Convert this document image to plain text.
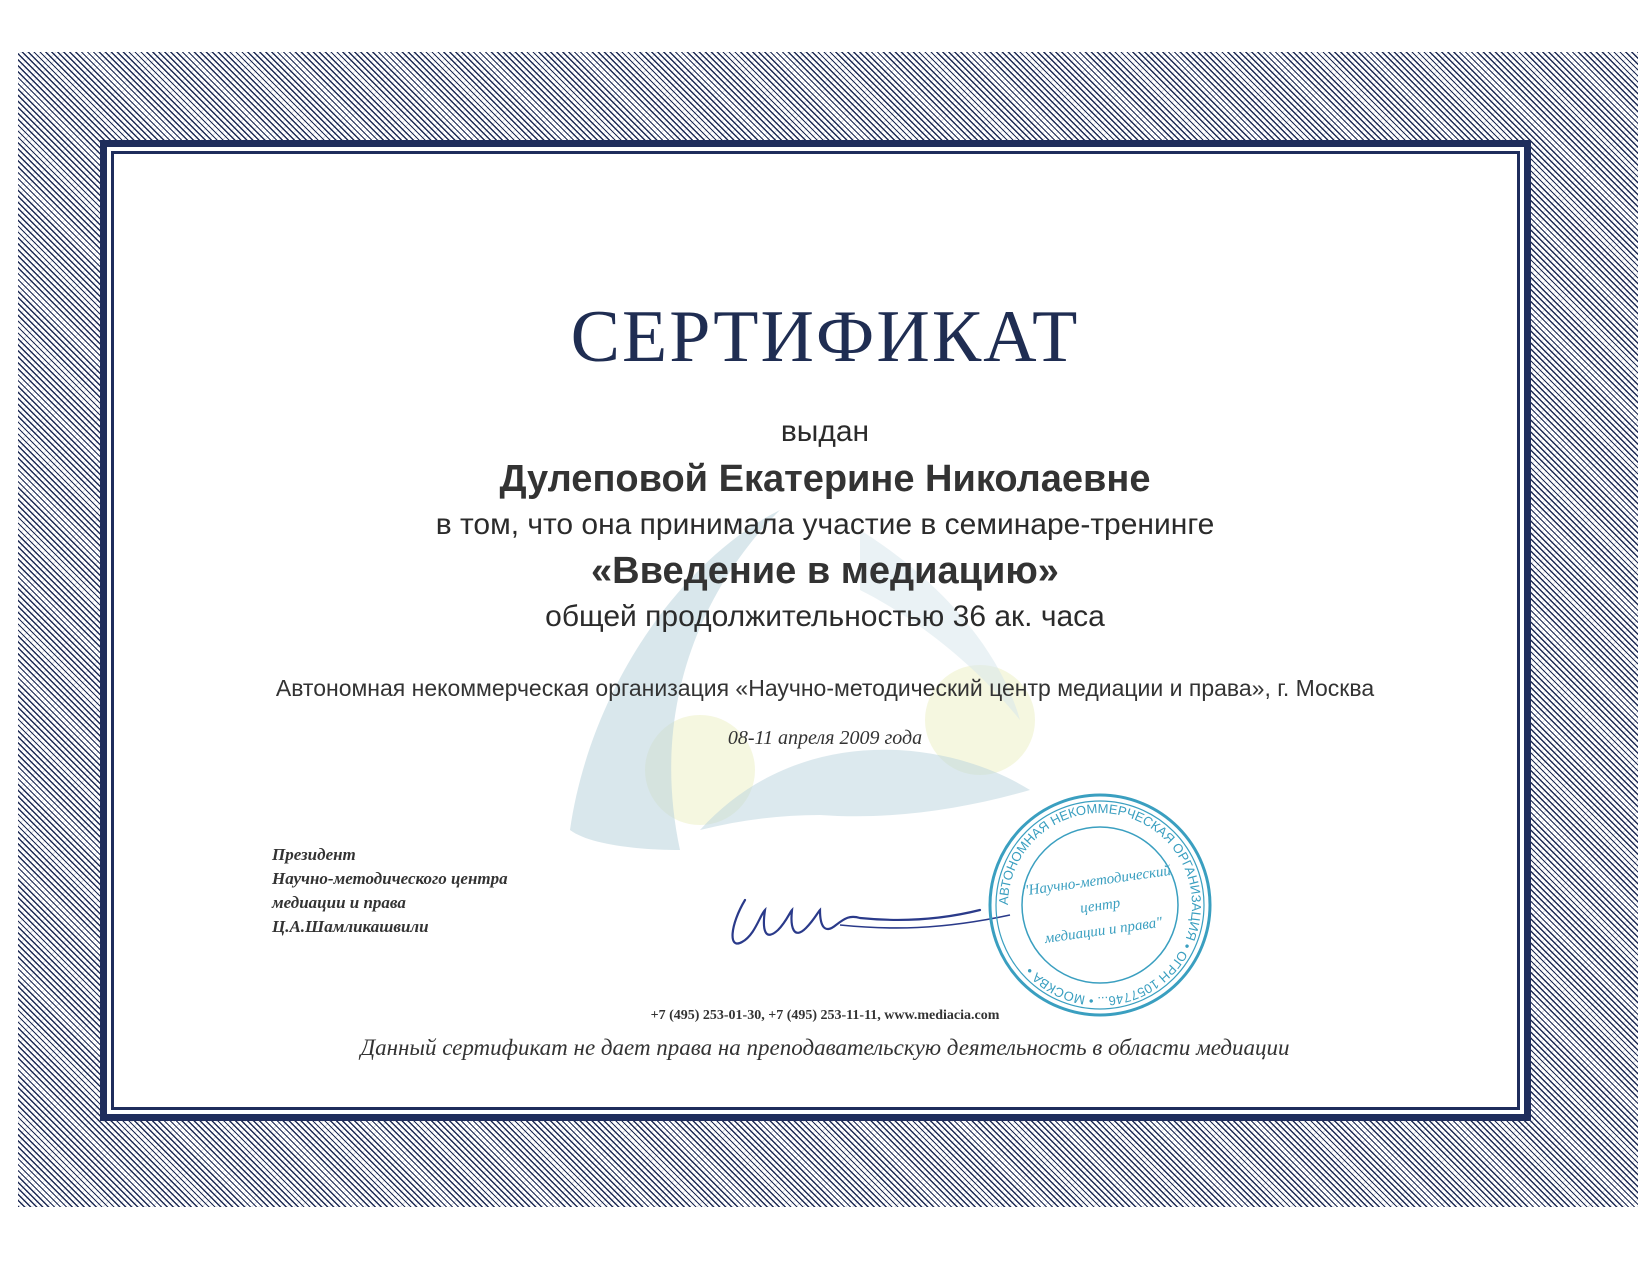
СЕРТИФИКАТ
выдан
Дулеповой Екатерине Николаевне
в том, что она принимала участие в семинаре-тренинге
«Введение в медиацию»
общей продолжительностью 36 ак. часа
Автономная некоммерческая организация «Научно-методический центр медиации и права», г. Москва
08-11 апреля 2009 года
Президент
Научно-методического центра
медиации и права
Ц.А.Шамликашвили
АВТОНОМНАЯ НЕКОММЕРЧЕСКАЯ ОРГАНИЗАЦИЯ • ОГРН 1057746... • МОСКВА •
"Научно-методический
центр
медиации и права"
+7 (495) 253-01-30, +7 (495) 253-11-11, www.mediacia.com
Данный сертификат не дает права на преподавательскую деятельность в области медиации
